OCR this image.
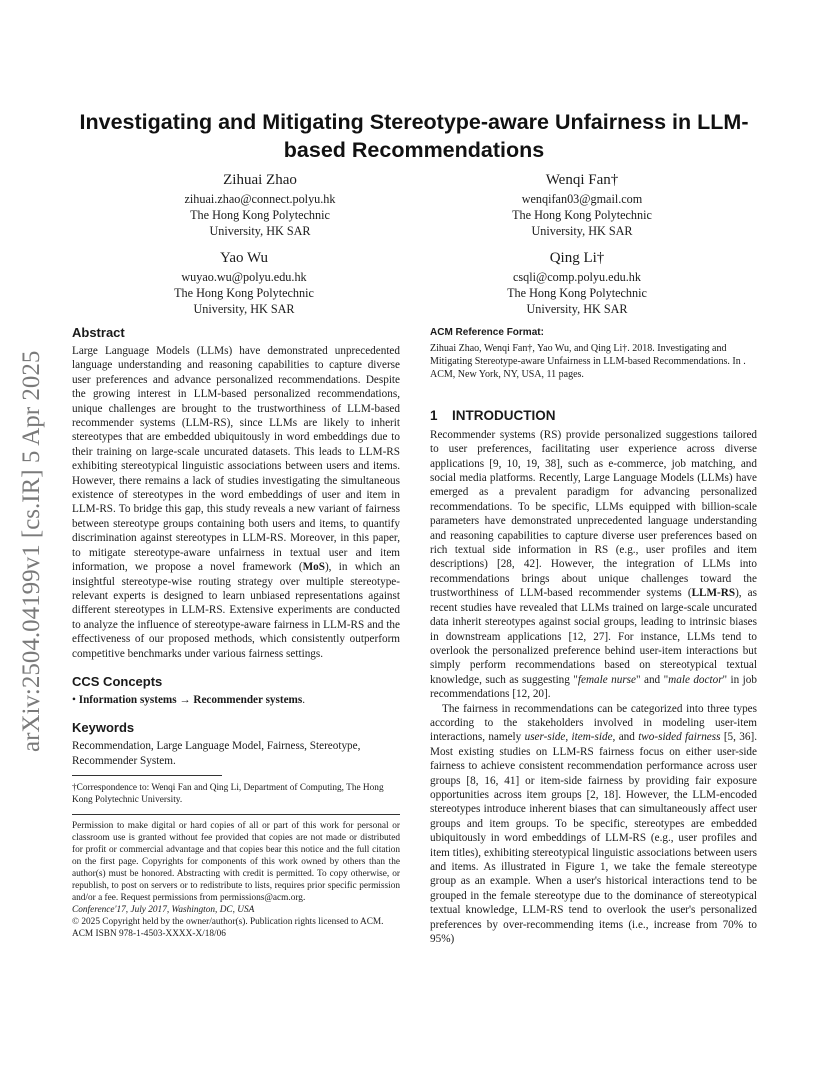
arXiv:2504.04199v1 [cs.IR] 5 Apr 2025
Investigating and Mitigating Stereotype-aware Unfairness in LLM-based Recommendations
Zihuai Zhao
zihuai.zhao@connect.polyu.hk
The Hong Kong Polytechnic
University, HK SAR
Wenqi Fan†
wenqifan03@gmail.com
The Hong Kong Polytechnic
University, HK SAR
Yao Wu
wuyao.wu@polyu.edu.hk
The Hong Kong Polytechnic
University, HK SAR
Qing Li†
csqli@comp.polyu.edu.hk
The Hong Kong Polytechnic
University, HK SAR
Abstract

Large Language Models (LLMs) have demonstrated unprecedented language understanding and reasoning capabilities to capture diverse user preferences and advance personalized recommendations. Despite the growing interest in LLM-based personalized recommendations, unique challenges are brought to the trustworthiness of LLM-based recommender systems (LLM-RS), since LLMs are likely to inherit stereotypes that are embedded ubiquitously in word embeddings due to their training on large-scale uncurated datasets. This leads to LLM-RS exhibiting stereotypical linguistic associations between users and items. However, there remains a lack of studies investigating the simultaneous existence of stereotypes in the word embeddings of user and item in LLM-RS. To bridge this gap, this study reveals a new variant of fairness between stereotype groups containing both users and items, to quantify discrimination against stereotypes in LLM-RS. Moreover, in this paper, to mitigate stereotype-aware unfairness in textual user and item information, we propose a novel framework (MoS), in which an insightful stereotype-wise routing strategy over multiple stereotype-relevant experts is designed to learn unbiased representations against different stereotypes in LLM-RS. Extensive experiments are conducted to analyze the influence of stereotype-aware fairness in LLM-RS and the effectiveness of our proposed methods, which consistently outperform competitive benchmarks under various fairness settings.

CCS Concepts

• Information systems → Recommender systems.

Keywords

Recommendation, Large Language Model, Fairness, Stereotype, Recommender System.

†Correspondence to: Wenqi Fan and Qing Li, Department of Computing, The Hong Kong Polytechnic University.

Permission to make digital or hard copies of all or part of this work for personal or classroom use is granted without fee provided that copies are not made or distributed for profit or commercial advantage and that copies bear this notice and the full citation on the first page. Copyrights for components of this work owned by others than the author(s) must be honored. Abstracting with credit is permitted. To copy otherwise, or republish, to post on servers or to redistribute to lists, requires prior specific permission and/or a fee. Request permissions from permissions@acm.org.

Conference'17, July 2017, Washington, DC, USA

© 2025 Copyright held by the owner/author(s). Publication rights licensed to ACM.

ACM ISBN 978-1-4503-XXXX-X/18/06

ACM Reference Format:

Zihuai Zhao, Wenqi Fan†, Yao Wu, and Qing Li†. 2018. Investigating and Mitigating Stereotype-aware Unfairness in LLM-based Recommendations. In . ACM, New York, NY, USA, 11 pages.

1 INTRODUCTION

Recommender systems (RS) provide personalized suggestions tailored to user preferences, facilitating user experience across diverse applications [9, 10, 19, 38], such as e-commerce, job matching, and social media platforms. Recently, Large Language Models (LLMs) have emerged as a prevalent paradigm for advancing personalized recommendations. To be specific, LLMs equipped with billion-scale parameters have demonstrated unprecedented language understanding and reasoning capabilities to capture diverse user preferences based on rich textual side information in RS (e.g., user profiles and item descriptions) [28, 42]. However, the integration of LLMs into recommendations brings about unique challenges toward the trustworthiness of LLM-based recommender systems (LLM-RS), as recent studies have revealed that LLMs trained on large-scale uncurated data inherit stereotypes against social groups, leading to intrinsic biases in downstream applications [12, 27]. For instance, LLMs tend to overlook the personalized preference behind user-item interactions but simply perform recommendations based on stereotypical textual knowledge, such as suggesting "female nurse" and "male doctor" in job recommendations [12, 20].

The fairness in recommendations can be categorized into three types according to the stakeholders involved in modeling user-item interactions, namely user-side, item-side, and two-sided fairness [5, 36]. Most existing studies on LLM-RS fairness focus on either user-side fairness to achieve consistent recommendation performance across user groups [8, 16, 41] or item-side fairness by providing fair exposure opportunities across item groups [2, 18]. However, the LLM-encoded stereotypes introduce inherent biases that can simultaneously affect user groups and item groups. To be specific, stereotypes are embedded ubiquitously in word embeddings of LLM-RS (e.g., user profiles and item titles), exhibiting stereotypical linguistic associations between users and items. As illustrated in Figure 1, we take the female stereotype group as an example. When a user's historical interactions tend to be grouped in the female stereotype due to the dominance of stereotypical textual knowledge, LLM-RS tend to overlook the user's personalized preferences by over-recommending items (i.e., increase from 70% to 95%)
